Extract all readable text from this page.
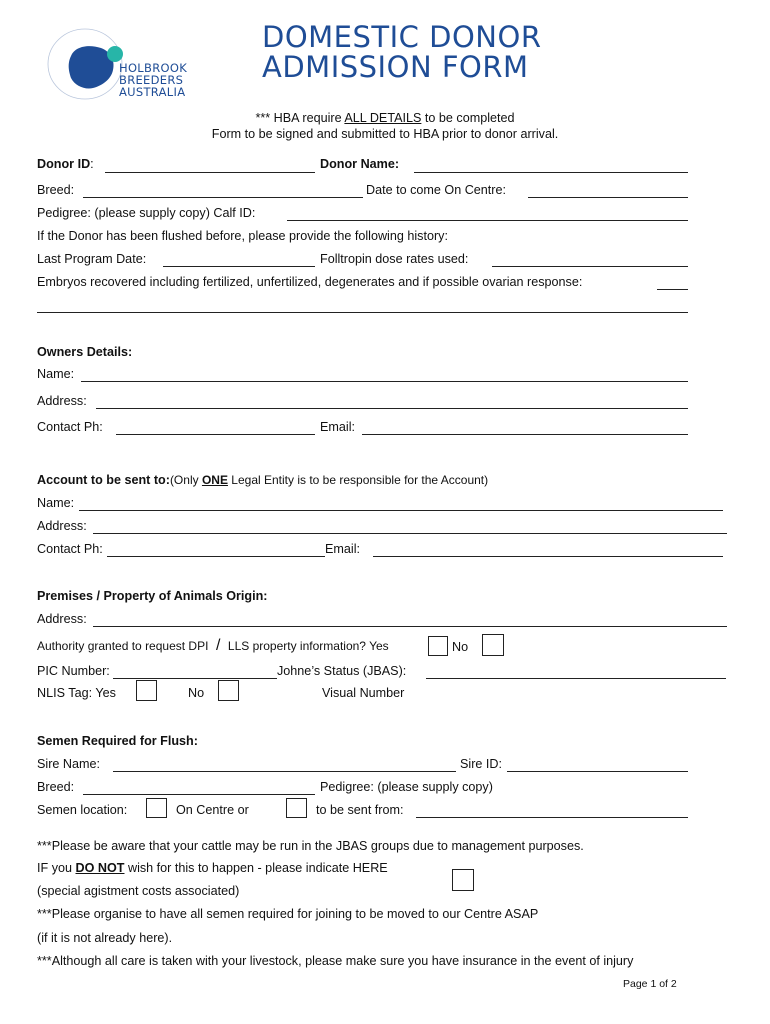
HOLBROOK
BREEDERS
AUSTRALIA
DOMESTIC DONOR
ADMISSION FORM
*** HBA require ALL DETAILS to be completed
Form to be signed and submitted to HBA prior to donor arrival.
Donor ID:	Donor Name:
Breed:	Date to come On Centre:
Pedigree: (please supply copy) Calf ID:
If the Donor has been flushed before, please provide the following history:
Last Program Date:	Folltropin dose rates used:
Embryos recovered including fertilized, unfertilized, degenerates and if possible ovarian response:
Owners Details:
Name:
Address:
Contact Ph:	Email:
Account to be sent to:(Only ONE Legal Entity is to be responsible for the Account)
Name:
Address:
Contact Ph:	Email:
Premises / Property of Animals Origin:
Address:
Authority granted to request DPI / LLS property information? Yes	No
PIC Number:	Johne’s Status (JBAS):
NLIS Tag: Yes	No	Visual Number
Semen Required for Flush:
Sire Name:	Sire ID:
Breed:	Pedigree: (please supply copy)
Semen location:	On Centre or	to be sent from:
***Please be aware that your cattle may be run in the JBAS groups due to management purposes.
IF you DO NOT wish for this to happen - please indicate HERE
(special agistment costs associated)
***Please organise to have all semen required for joining to be moved to our Centre ASAP
(if it is not already here).
***Although all care is taken with your livestock, please make sure you have insurance in the event of injury
Page 1 of 2
